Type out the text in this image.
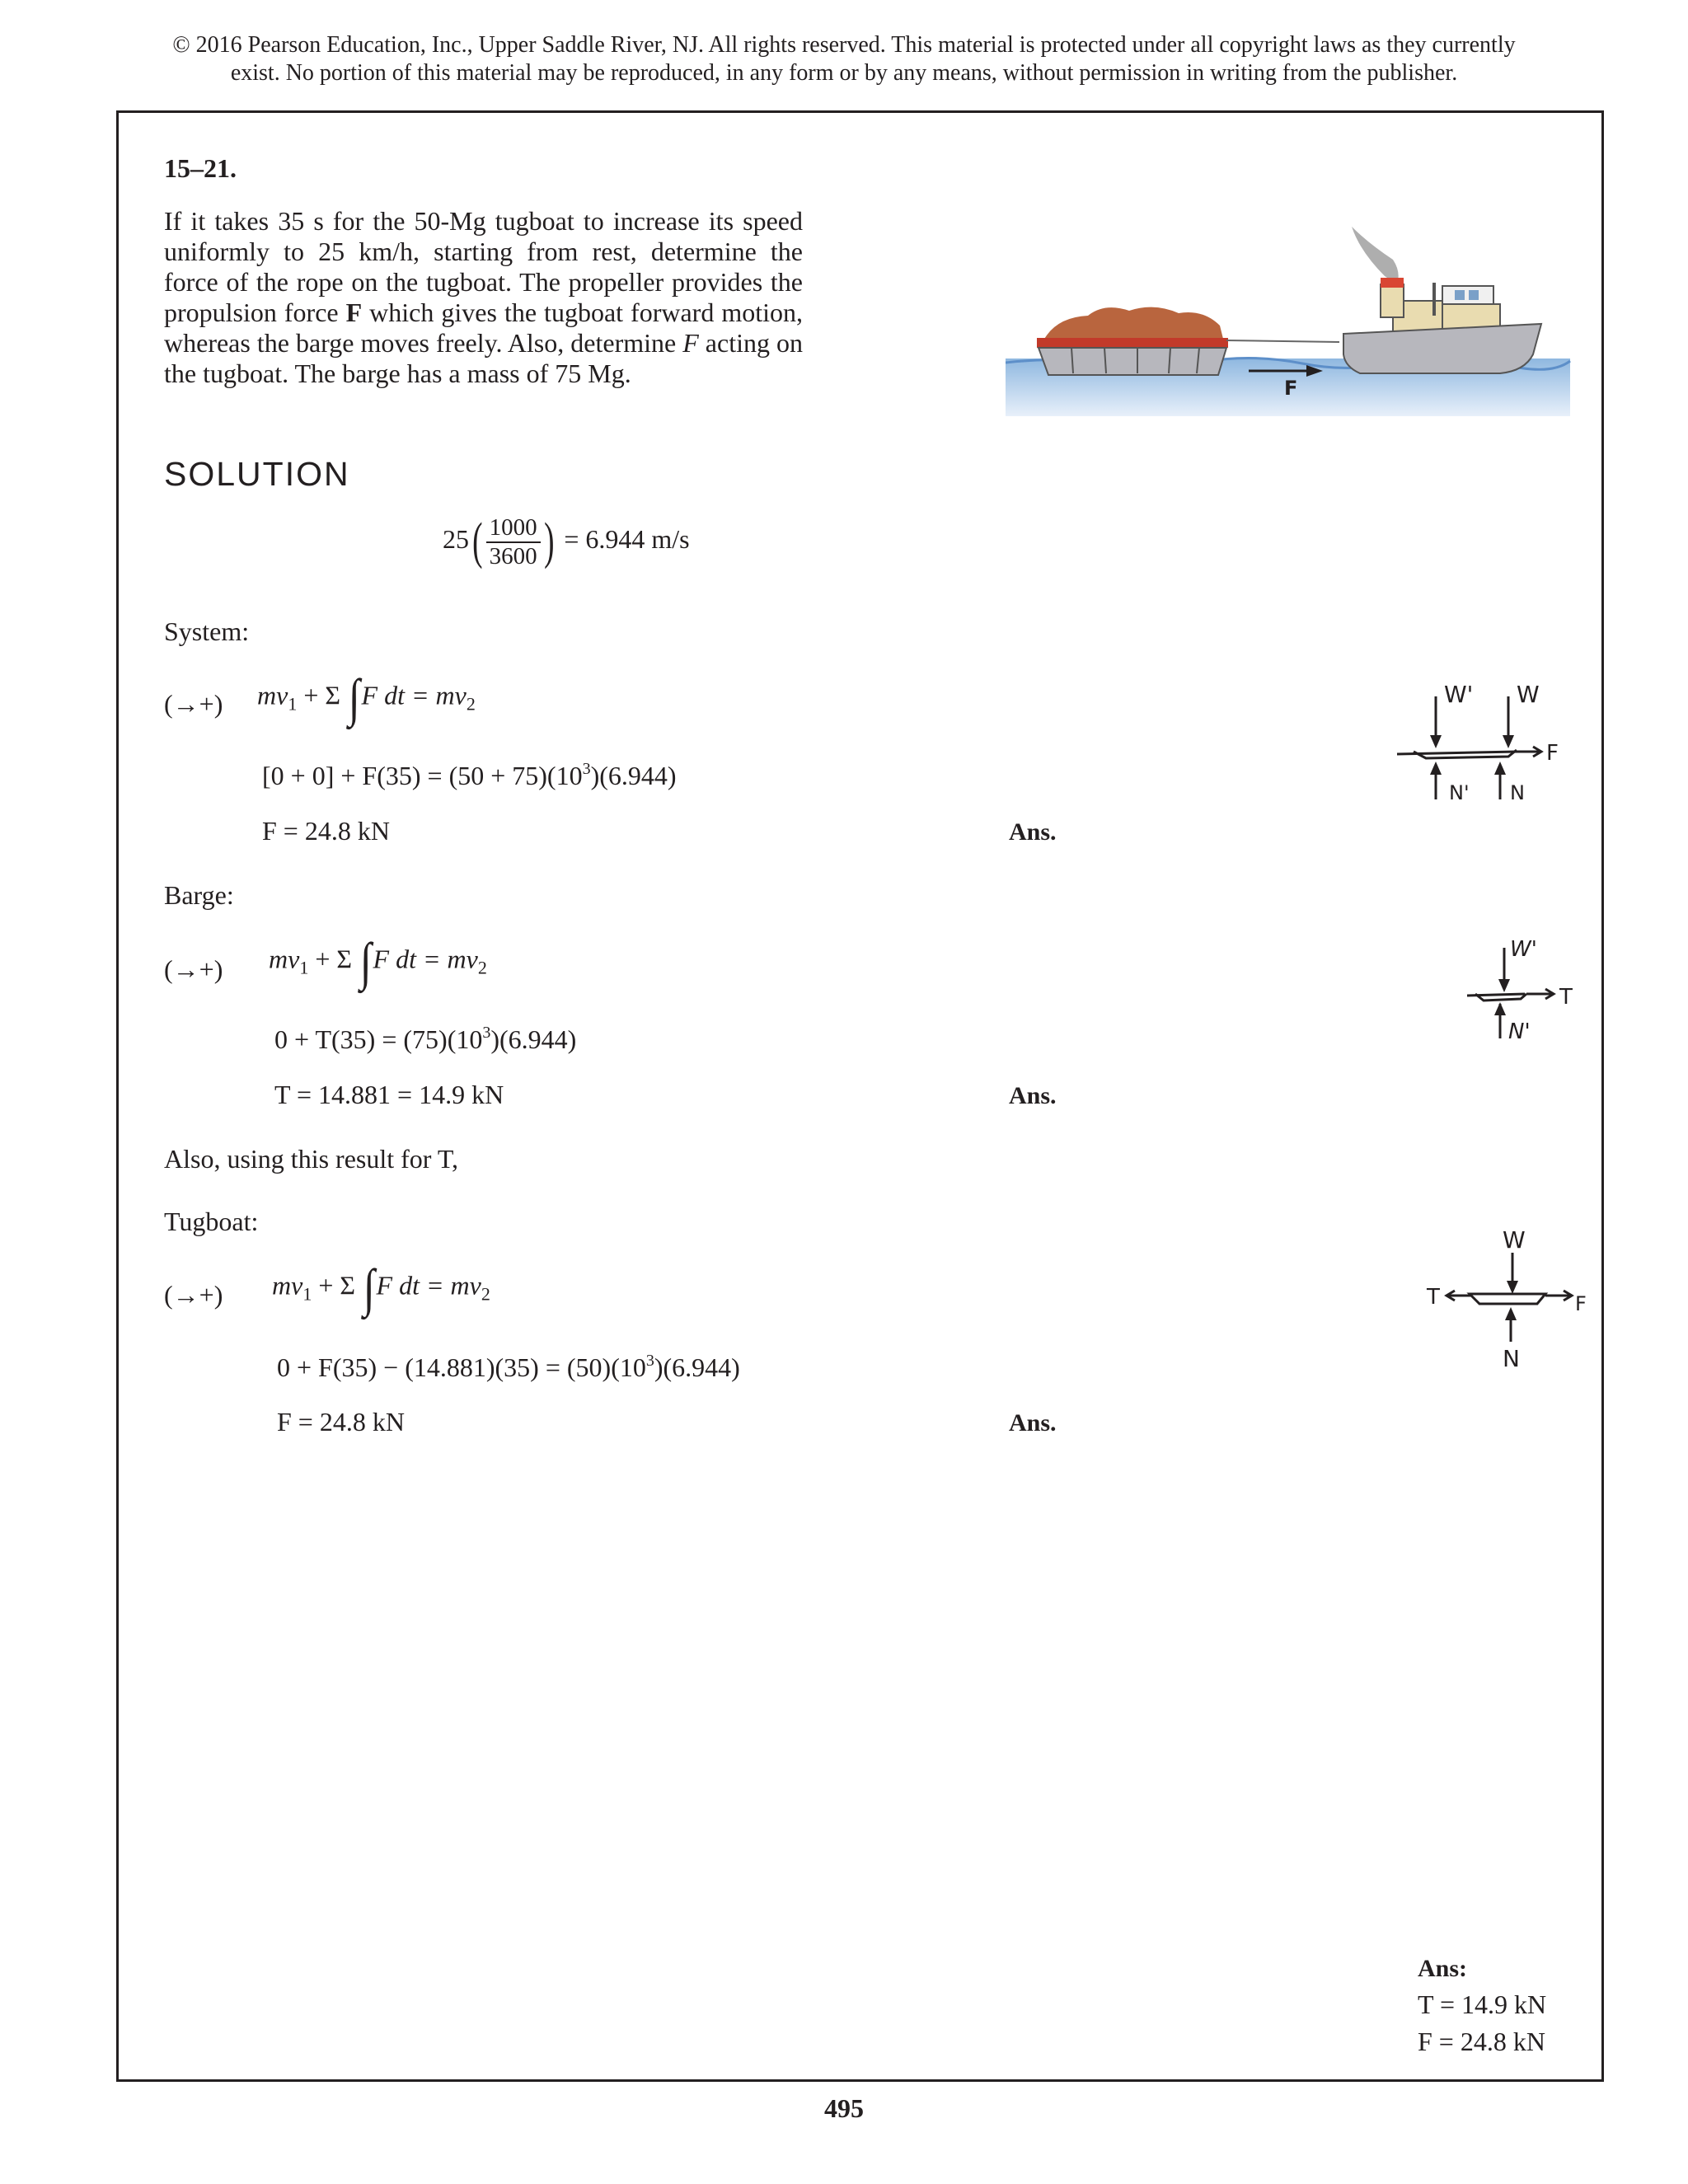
© 2016 Pearson Education, Inc., Upper Saddle River, NJ. All rights reserved. This material is protected under all copyright laws as they currently
exist. No portion of this material may be reproduced, in any form or by any means, without permission in writing from the publisher.
15–21.
If it takes 35 s for the 50-Mg tugboat to increase its speed uniformly to 25 km/h, starting from rest, determine the force of the rope on the tugboat. The propeller provides the propulsion force F which gives the tugboat forward motion, whereas the barge moves freely. Also, determine F acting on the tugboat. The barge has a mass of 75 Mg.	F
SOLUTION
$25( \frac{1000}{3600}$ ) = 6.944 m/s
System:
(→+) $mv_1 + \Sigma$ ∫F dt = $mv_2$
$[0 + 0] + F(35) = (50 + 75)(10^3)(6.944)$
F = 24.8 kN	Ans.
W' W
N' N
F
Barge:
(→+) $mv_1 + \Sigma$ ∫F dt = $mv_2$
$0 + T(35) = (75)(10^3)(6.944)$
T = 14.881 = 14.9 kN	Ans.
W'
T
N'
Also, using this result for T,
Tugboat:
(→+) $mv_1 + \Sigma$ ∫F dt = $mv_2$
$0 + F(35) - (14.881)(35) = (50)(10^3)(6.944)$
F = 24.8 kN	Ans.
W
T
N
F
Ans:
T = 14.9 kN
F = 24.8 kN
495
